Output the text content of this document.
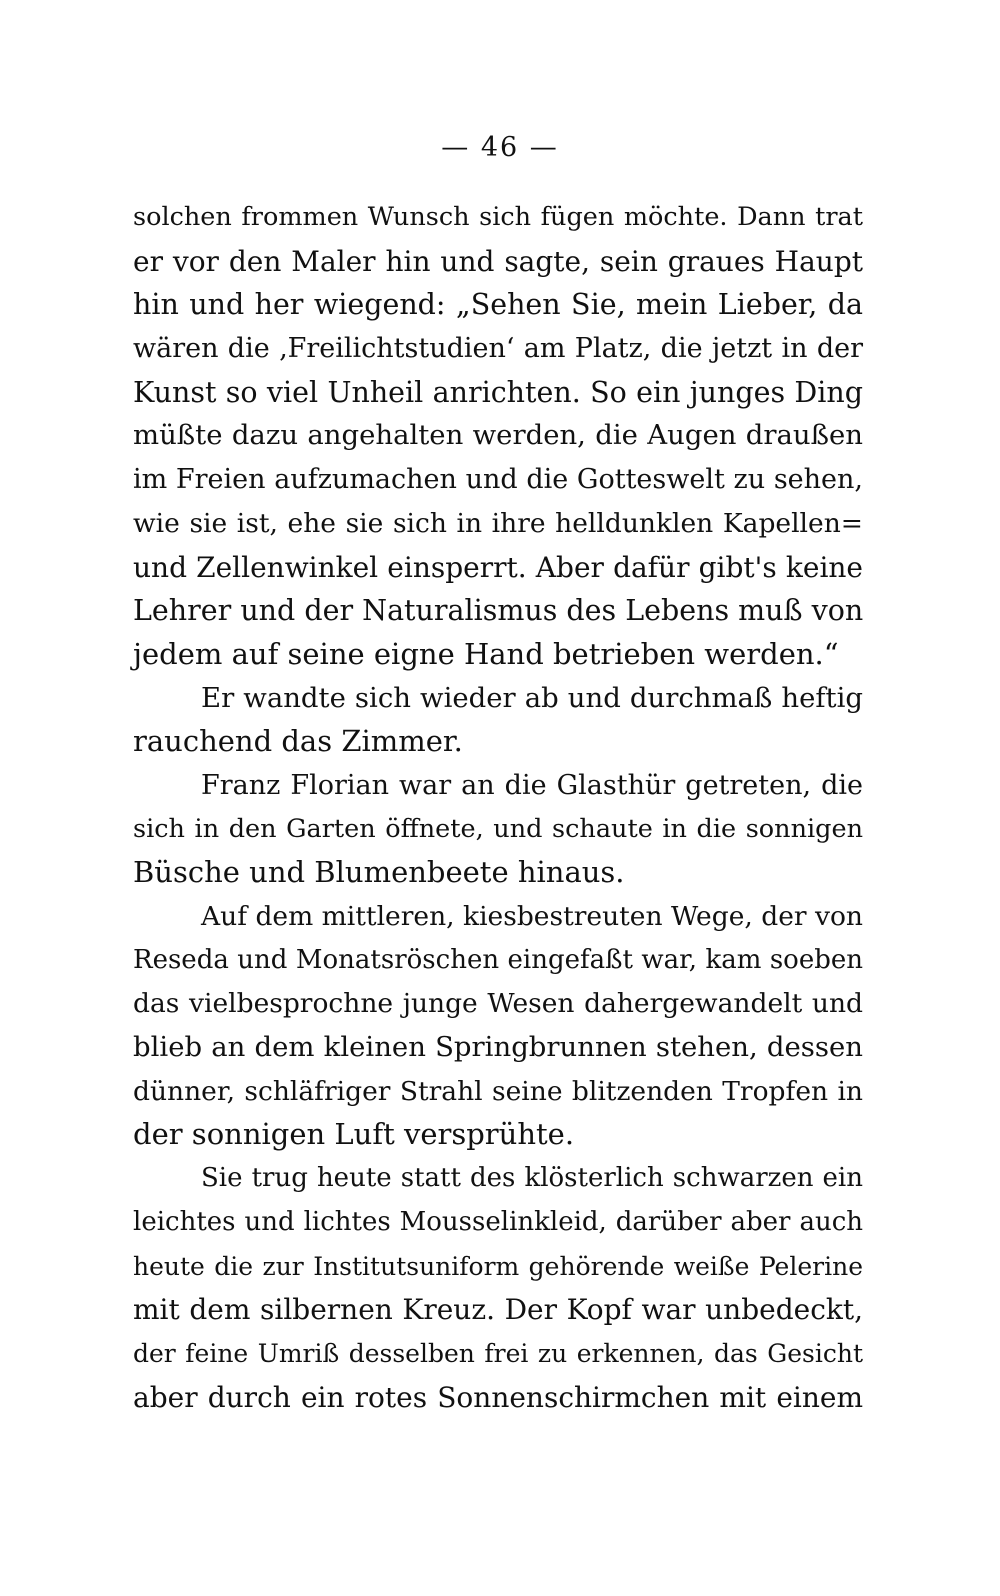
— 46 —
solchen frommen Wunsch sich fügen möchte. Dann trat
er vor den Maler hin und sagte, sein graues Haupt
hin und her wiegend: „Sehen Sie, mein Lieber, da
wären die ‚Freilichtstudien‘ am Platz, die jetzt in der
Kunst so viel Unheil anrichten. So ein junges Ding
müßte dazu angehalten werden, die Augen draußen
im Freien aufzumachen und die Gotteswelt zu sehen,
wie sie ist, ehe sie sich in ihre helldunklen Kapellen=
und Zellenwinkel einsperrt. Aber dafür gibt's keine
Lehrer und der Naturalismus des Lebens muß von
jedem auf seine eigne Hand betrieben werden.“
Er wandte sich wieder ab und durchmaß heftig
rauchend das Zimmer.
Franz Florian war an die Glasthür getreten, die
sich in den Garten öffnete, und schaute in die sonnigen
Büsche und Blumenbeete hinaus.
Auf dem mittleren, kiesbestreuten Wege, der von
Reseda und Monatsröschen eingefaßt war, kam soeben
das vielbesprochne junge Wesen dahergewandelt und
blieb an dem kleinen Springbrunnen stehen, dessen
dünner, schläfriger Strahl seine blitzenden Tropfen in
der sonnigen Luft versprühte.
Sie trug heute statt des klösterlich schwarzen ein
leichtes und lichtes Mousselinkleid, darüber aber auch
heute die zur Institutsuniform gehörende weiße Pelerine
mit dem silbernen Kreuz. Der Kopf war unbedeckt,
der feine Umriß desselben frei zu erkennen, das Gesicht
aber durch ein rotes Sonnenschirmchen mit einem
